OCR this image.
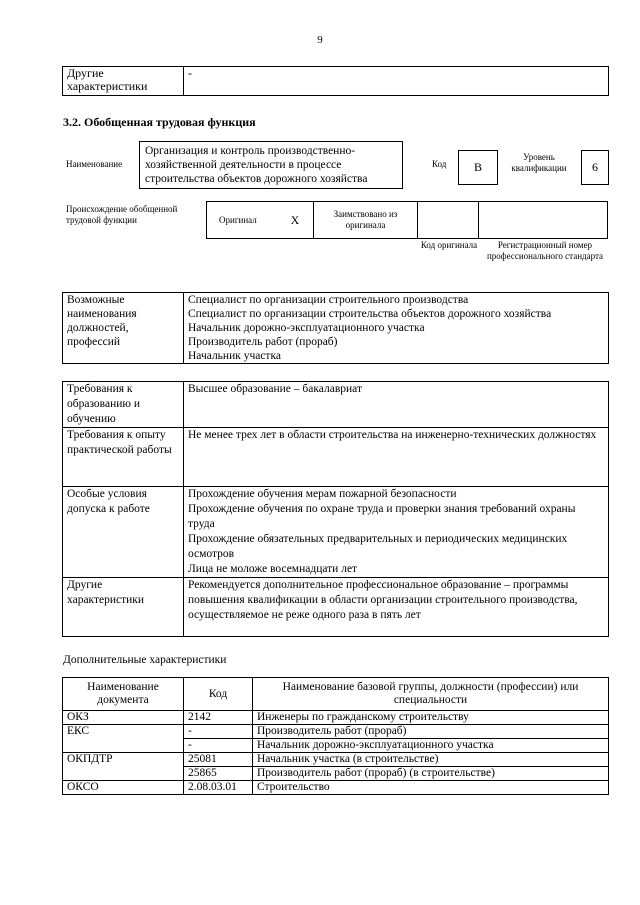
9
Другие характеристики	-
3.2. Обобщенная трудовая функция
Наименование
Организация и контроль производственно-хозяйственной деятельности в процессе строительства объектов дорожного хозяйства
Код	В
Уровень квалификации	6
Происхождение обобщенной трудовой функции	Оригинал	X	Заимствовано из оригинала		
Код оригинала	Регистрационный номер профессионального стандарта
Возможные наименования должностей, профессий	
Специалист по организации строительного производства
Специалист по организации строительства объектов дорожного хозяйства
Начальник дорожно-эксплуатационного участка
Производитель работ (прораб)
Начальник участка
Требования к образованию и обучению	Высшее образование – бакалавриат
Требования к опыту практической работы	Не менее трех лет в области строительства на инженерно-технических должностях
Особые условия допуска к работе	Прохождение обучения мерам пожарной безопасности
Прохождение обучения по охране труда и проверки знания требований охраны труда
Прохождение обязательных предварительных и периодических медицинских осмотров
Лица не моложе восемнадцати лет

Другие характеристики	Рекомендуется дополнительное профессиональное образование – программы повышения квалификации в области организации строительного производства, осуществляемое не реже одного раза в пять лет
Дополнительные характеристики
Наименование документа	Код	Наименование базовой группы, должности (профессии) или специальности
ОКЗ	2142	Инженеры по гражданскому строительству
ЕКС	-	Производитель работ (прораб)
	-	Начальник дорожно-эксплуатационного участка
ОКПДТР	25081	Начальник участка (в строительстве)
	25865	Производитель работ (прораб) (в строительстве)
ОКСО	2.08.03.01	Строительство
